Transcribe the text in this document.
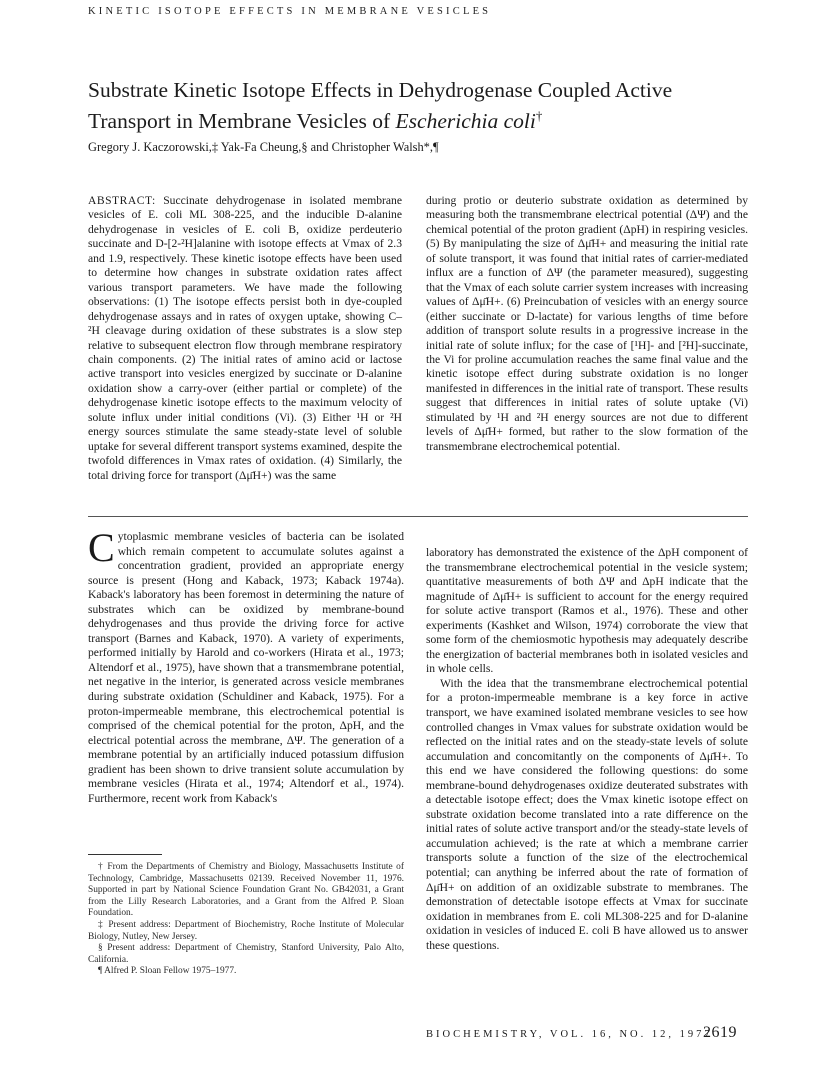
KINETIC ISOTOPE EFFECTS IN MEMBRANE VESICLES
Substrate Kinetic Isotope Effects in Dehydrogenase Coupled Active
Transport in Membrane Vesicles of Escherichia coli†
Gregory J. Kaczorowski,‡ Yak-Fa Cheung,§ and Christopher Walsh*,¶
ABSTRACT: Succinate dehydrogenase in isolated membrane vesicles of E. coli ML 308-225, and the inducible D-alanine dehydrogenase in vesicles of E. coli B, oxidize perdeuterio succinate and D-[2-²H]alanine with isotope effects at Vmax of 2.3 and 1.9, respectively. These kinetic isotope effects have been used to determine how changes in substrate oxidation rates affect various transport parameters. We have made the following observations: (1) The isotope effects persist both in dye-coupled dehydrogenase assays and in rates of oxygen uptake, showing C–²H cleavage during oxidation of these substrates is a slow step relative to subsequent electron flow through membrane respiratory chain components. (2) The initial rates of amino acid or lactose active transport into vesicles energized by succinate or D-alanine oxidation show a carry-over (either partial or complete) of the dehydrogenase kinetic isotope effects to the maximum velocity of solute influx under initial conditions (Vi). (3) Either ¹H or ²H energy sources stimulate the same steady-state level of soluble uptake for several different transport systems examined, despite the twofold differences in Vmax rates of oxidation. (4) Similarly, the total driving force for transport (Δμ̄H+) was the same
during protio or deuterio substrate oxidation as determined by measuring both the transmembrane electrical potential (ΔΨ) and the chemical potential of the proton gradient (ΔpH) in respiring vesicles. (5) By manipulating the size of Δμ̄H+ and measuring the initial rate of solute transport, it was found that initial rates of carrier-mediated influx are a function of ΔΨ (the parameter measured), suggesting that the Vmax of each solute carrier system increases with increasing values of Δμ̄H+. (6) Preincubation of vesicles with an energy source (either succinate or D-lactate) for various lengths of time before addition of transport solute results in a progressive increase in the initial rate of solute influx; for the case of [¹H]- and [²H]-succinate, the Vi for proline accumulation reaches the same final value and the kinetic isotope effect during substrate oxidation is no longer manifested in differences in the initial rate of transport. These results suggest that differences in initial rates of solute uptake (Vi) stimulated by ¹H and ²H energy sources are not due to different levels of Δμ̄H+ formed, but rather to the slow formation of the transmembrane electrochemical potential.
Cytoplasmic membrane vesicles of bacteria can be isolated which remain competent to accumulate solutes against a concentration gradient, provided an appropriate energy source is present (Hong and Kaback, 1973; Kaback 1974a). Kaback's laboratory has been foremost in determining the nature of substrates which can be oxidized by membrane-bound dehydrogenases and thus provide the driving force for active transport (Barnes and Kaback, 1970). A variety of experiments, performed initially by Harold and co-workers (Hirata et al., 1973; Altendorf et al., 1975), have shown that a transmembrane potential, net negative in the interior, is generated across vesicle membranes during substrate oxidation (Schuldiner and Kaback, 1975). For a proton-impermeable membrane, this electrochemical potential is comprised of the chemical potential for the proton, ΔpH, and the electrical potential across the membrane, ΔΨ. The generation of a membrane potential by an artificially induced potassium diffusion gradient has been shown to drive transient solute accumulation by membrane vesicles (Hirata et al., 1974; Altendorf et al., 1974). Furthermore, recent work from Kaback's

laboratory has demonstrated the existence of the ΔpH component of the transmembrane electrochemical potential in the vesicle system; quantitative measurements of both ΔΨ and ΔpH indicate that the magnitude of Δμ̄H+ is sufficient to account for the energy required for solute active transport (Ramos et al., 1976). These and other experiments (Kashket and Wilson, 1974) corroborate the view that some form of the chemiosmotic hypothesis may adequately describe the energization of bacterial membranes both in isolated vesicles and in whole cells.

With the idea that the transmembrane electrochemical potential for a proton-impermeable membrane is a key force in active transport, we have examined isolated membrane vesicles to see how controlled changes in Vmax values for substrate oxidation would be reflected on the initial rates and on the steady-state levels of solute accumulation and concomitantly on the components of Δμ̄H+. To this end we have considered the following questions: do some membrane-bound dehydrogenases oxidize deuterated substrates with a detectable isotope effect; does the Vmax kinetic isotope effect on substrate oxidation become translated into a rate difference on the initial rates of solute active transport and/or the steady-state levels of accumulation achieved; is the rate at which a membrane carrier transports solute a function of the size of the electrochemical potential; can anything be inferred about the rate of formation of Δμ̄H+ on addition of an oxidizable substrate to membranes. The demonstration of detectable isotope effects at Vmax for succinate oxidation in membranes from E. coli ML308-225 and for D-alanine oxidation in vesicles of induced E. coli B have allowed us to answer these questions.

† From the Departments of Chemistry and Biology, Massachusetts Institute of Technology, Cambridge, Massachusetts 02139. Received November 11, 1976. Supported in part by National Science Foundation Grant No. GB42031, a Grant from the Lilly Research Laboratories, and a Grant from the Alfred P. Sloan Foundation.

‡ Present address: Department of Biochemistry, Roche Institute of Molecular Biology, Nutley, New Jersey.

§ Present address: Department of Chemistry, Stanford University, Palo Alto, California.

¶ Alfred P. Sloan Fellow 1975–1977.

BIOCHEMISTRY, VOL. 16, NO. 12, 1977
2619
